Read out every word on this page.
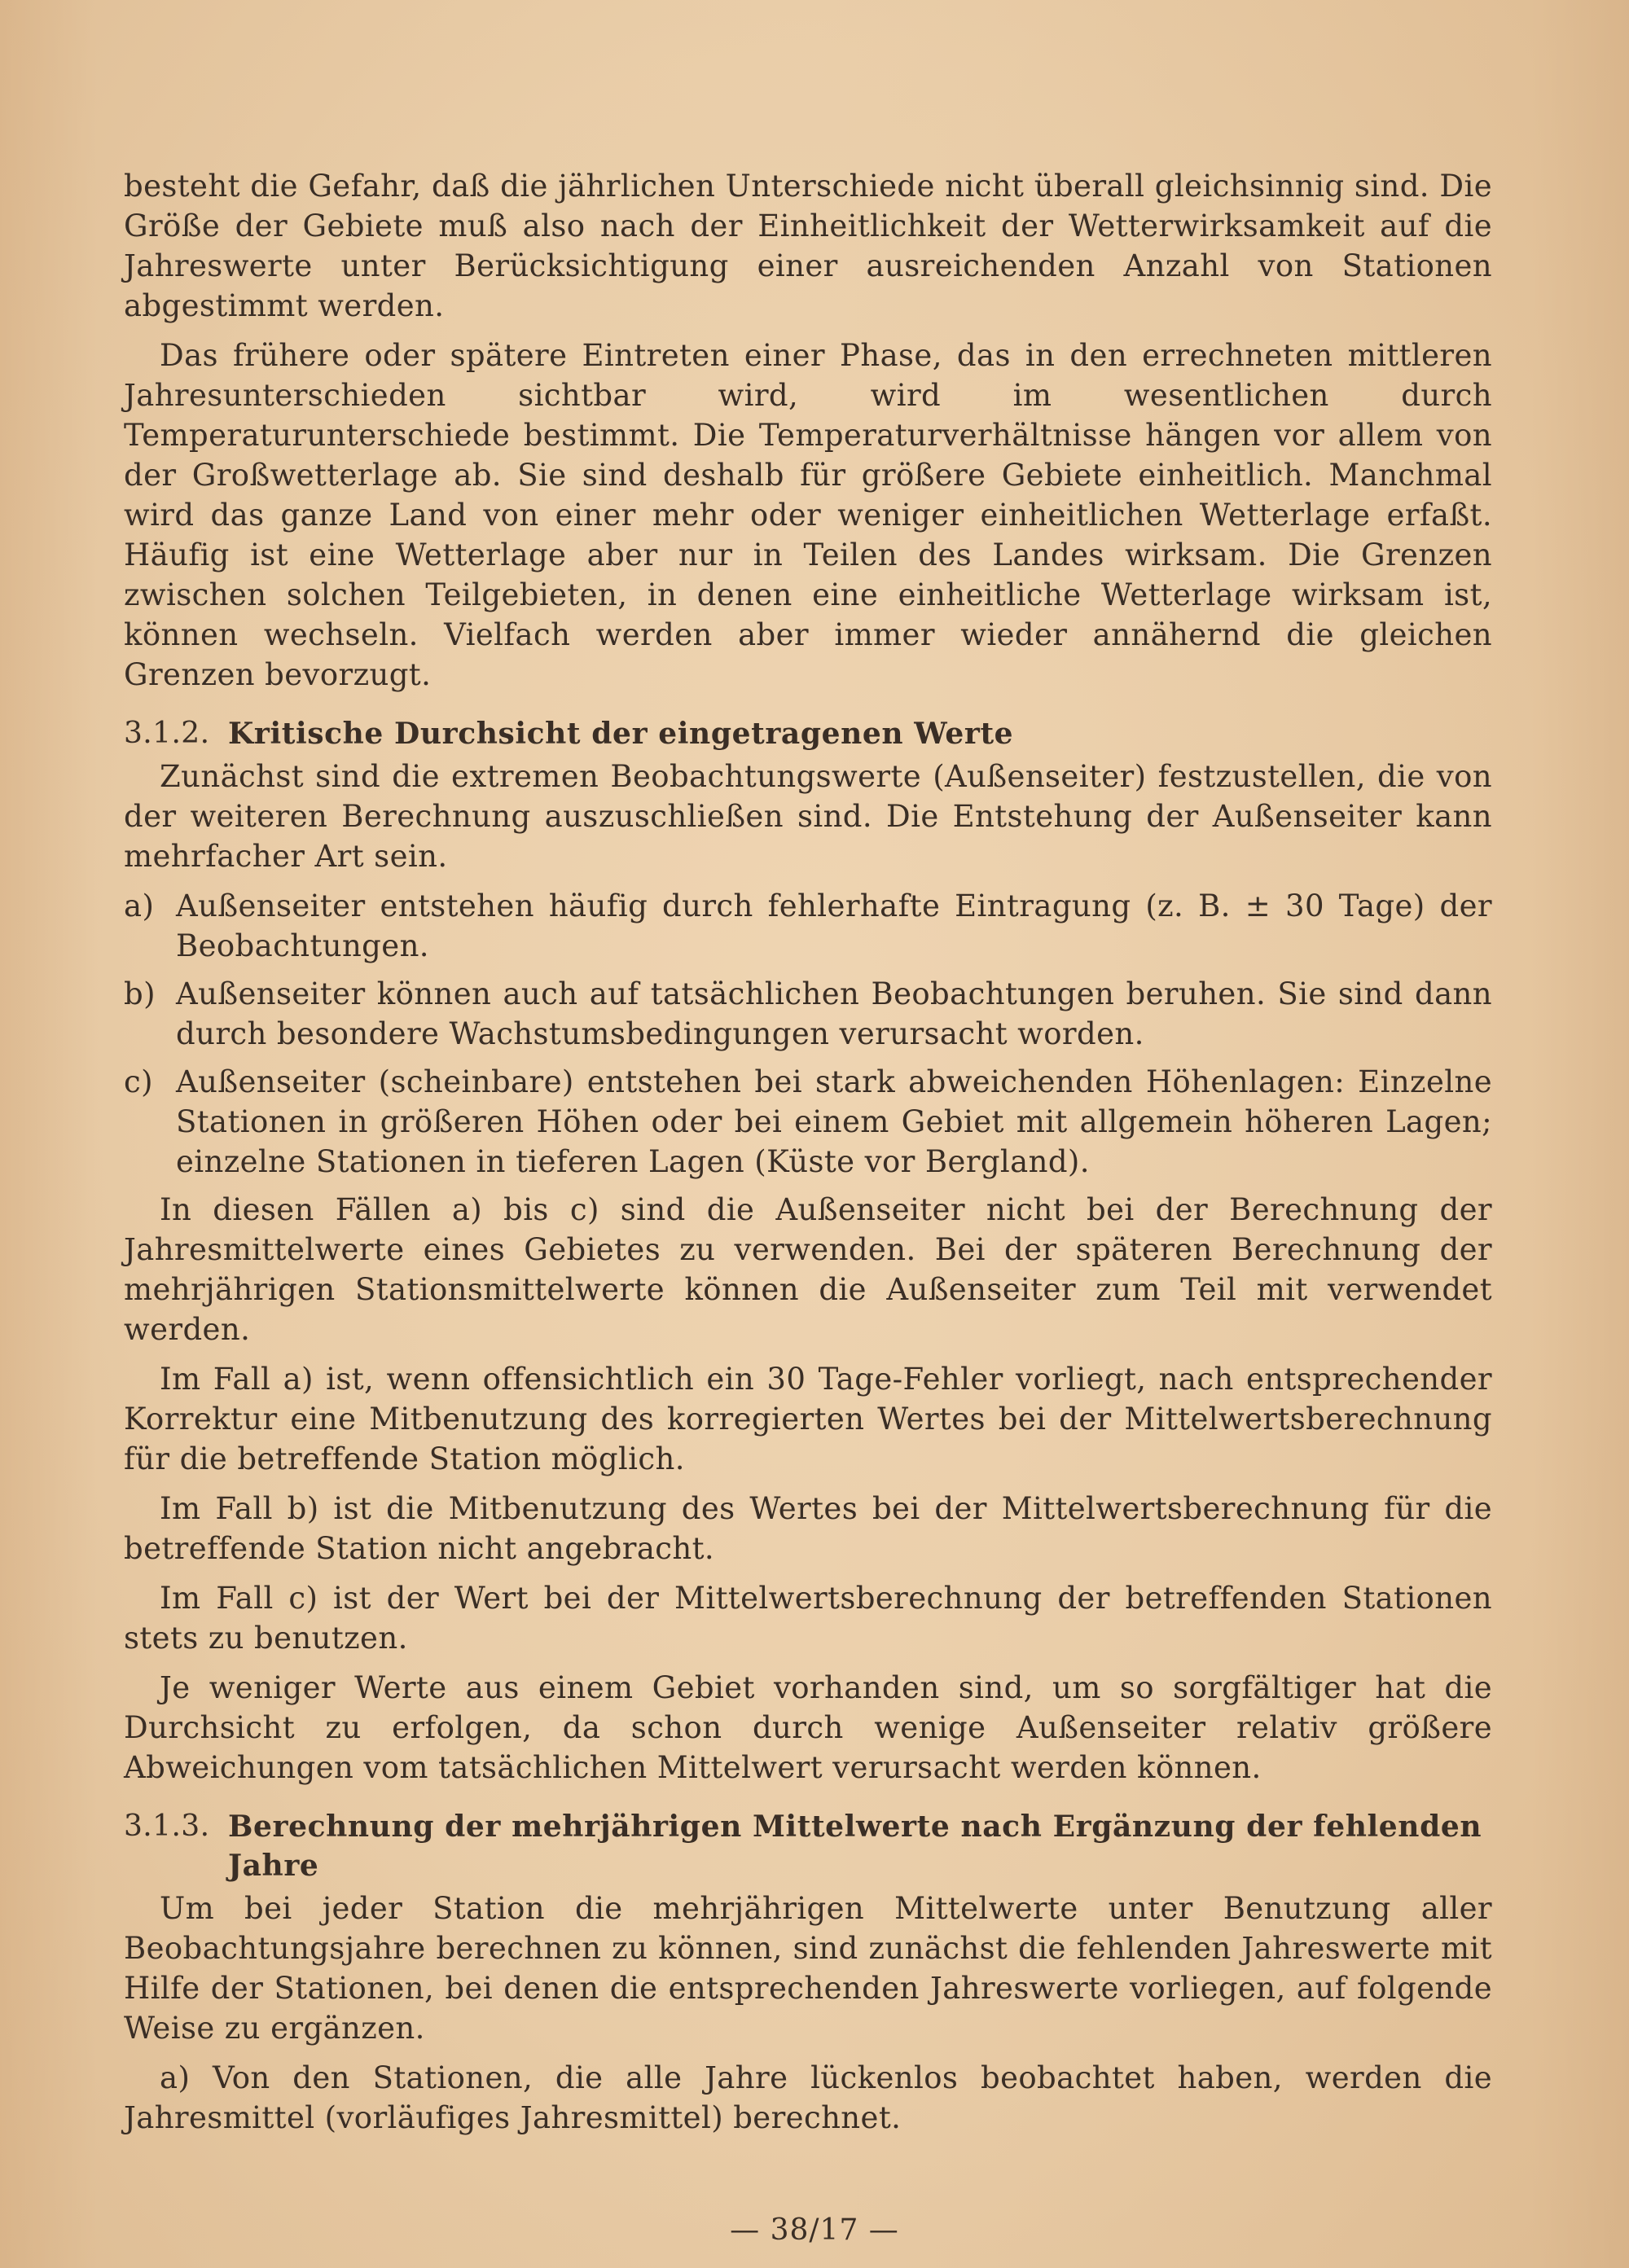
besteht die Gefahr, daß die jährlichen Unterschiede nicht überall gleichsinnig sind. Die Größe der Gebiete muß also nach der Einheitlichkeit der Wetterwirksamkeit auf die Jahreswerte unter Berücksichtigung einer ausreichenden Anzahl von Stationen abgestimmt werden.

Das frühere oder spätere Eintreten einer Phase, das in den errechneten mittleren Jahresunterschieden sichtbar wird, wird im wesentlichen durch Temperaturunterschiede bestimmt. Die Temperaturverhältnisse hängen vor allem von der Großwetterlage ab. Sie sind deshalb für größere Gebiete einheitlich. Manchmal wird das ganze Land von einer mehr oder weniger einheitlichen Wetterlage erfaßt. Häufig ist eine Wetterlage aber nur in Teilen des Landes wirksam. Die Grenzen zwischen solchen Teilgebieten, in denen eine einheitliche Wetterlage wirksam ist, können wechseln. Vielfach werden aber immer wieder annähernd die gleichen Grenzen bevorzugt.

3.1.2. Kritische Durchsicht der eingetragenen Werte

Zunächst sind die extremen Beobachtungswerte (Außenseiter) festzustellen, die von der weiteren Berechnung auszuschließen sind. Die Entstehung der Außenseiter kann mehrfacher Art sein.

a) Außenseiter entstehen häufig durch fehlerhafte Eintragung (z. B. ± 30 Tage) der Beobachtungen.
b) Außenseiter können auch auf tatsächlichen Beobachtungen beruhen. Sie sind dann durch besondere Wachstumsbedingungen verursacht worden.
c) Außenseiter (scheinbare) entstehen bei stark abweichenden Höhenlagen: Einzelne Stationen in größeren Höhen oder bei einem Gebiet mit allgemein höheren Lagen; einzelne Stationen in tieferen Lagen (Küste vor Bergland).

In diesen Fällen a) bis c) sind die Außenseiter nicht bei der Berechnung der Jahresmittelwerte eines Gebietes zu verwenden. Bei der späteren Berechnung der mehrjährigen Stationsmittelwerte können die Außenseiter zum Teil mit verwendet werden.

Im Fall a) ist, wenn offensichtlich ein 30 Tage-Fehler vorliegt, nach entsprechender Korrektur eine Mitbenutzung des korregierten Wertes bei der Mittelwertsberechnung für die betreffende Station möglich.

Im Fall b) ist die Mitbenutzung des Wertes bei der Mittelwertsberechnung für die betreffende Station nicht angebracht.

Im Fall c) ist der Wert bei der Mittelwertsberechnung der betreffenden Stationen stets zu benutzen.

Je weniger Werte aus einem Gebiet vorhanden sind, um so sorgfältiger hat die Durchsicht zu erfolgen, da schon durch wenige Außenseiter relativ größere Abweichungen vom tatsächlichen Mittelwert verursacht werden können.

3.1.3. Berechnung der mehrjährigen Mittelwerte nach Ergänzung der fehlenden Jahre

Um bei jeder Station die mehrjährigen Mittelwerte unter Benutzung aller Beobachtungsjahre berechnen zu können, sind zunächst die fehlenden Jahreswerte mit Hilfe der Stationen, bei denen die entsprechenden Jahreswerte vorliegen, auf folgende Weise zu ergänzen.

a) Von den Stationen, die alle Jahre lückenlos beobachtet haben, werden die Jahresmittel (vorläufiges Jahresmittel) berechnet.

— 38/17 —
